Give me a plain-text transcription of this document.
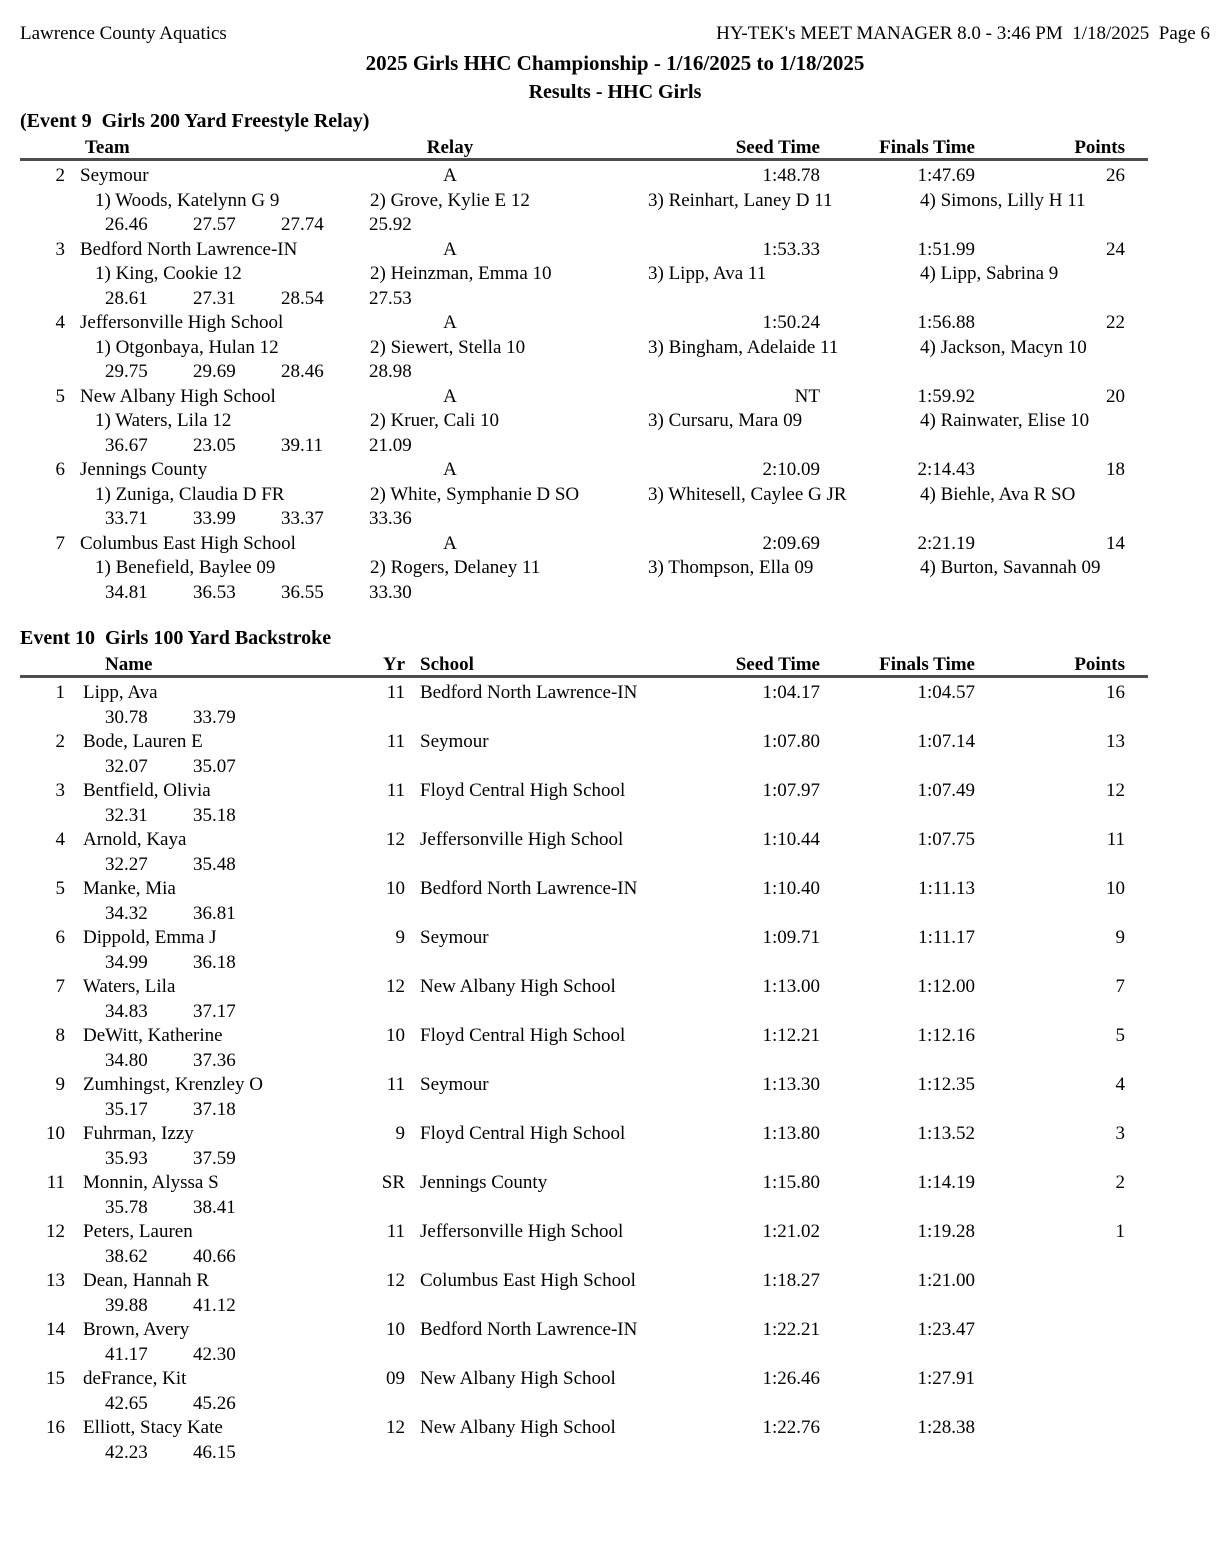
Lawrence County Aquatics	HY-TEK's MEET MANAGER 8.0 - 3:46 PM  1/18/2025  Page 6
2025 Girls HHC Championship - 1/16/2025 to 1/18/2025
Results - HHC Girls
(Event 9  Girls 200 Yard Freestyle Relay)
Team	Relay	Seed Time	Finals Time	Points
2 Seymour	A	1:48.78	1:47.69	26
1) Woods, Katelynn G 9	2) Grove, Kylie E 12	3) Reinhart, Laney D 11	4) Simons, Lilly H 11
26.46	27.57	27.74	25.92
3 Bedford North Lawrence-IN	A	1:53.33	1:51.99	24
1) King, Cookie 12	2) Heinzman, Emma 10	3) Lipp, Ava 11	4) Lipp, Sabrina 9
28.61	27.31	28.54	27.53
4 Jeffersonville High School	A	1:50.24	1:56.88	22
1) Otgonbaya, Hulan 12	2) Siewert, Stella 10	3) Bingham, Adelaide 11	4) Jackson, Macyn 10
29.75	29.69	28.46	28.98
5 New Albany High School	A	NT	1:59.92	20
1) Waters, Lila 12	2) Kruer, Cali 10	3) Cursaru, Mara 09	4) Rainwater, Elise 10
36.67	23.05	39.11	21.09
6 Jennings County	A	2:10.09	2:14.43	18
1) Zuniga, Claudia D FR	2) White, Symphanie D SO	3) Whitesell, Caylee G JR	4) Biehle, Ava R SO
33.71	33.99	33.37	33.36
7 Columbus East High School	A	2:09.69	2:21.19	14
1) Benefield, Baylee 09	2) Rogers, Delaney 11	3) Thompson, Ella 09	4) Burton, Savannah 09
34.81	36.53	36.55	33.30
Event 10  Girls 100 Yard Backstroke
Name	Yr School	Seed Time	Finals Time	Points
1 Lipp, Ava	11 Bedford North Lawrence-IN	1:04.17	1:04.57	16
30.78	33.79
2 Bode, Lauren E	11 Seymour	1:07.80	1:07.14	13
32.07	35.07
3 Bentfield, Olivia	11 Floyd Central High School	1:07.97	1:07.49	12
32.31	35.18
4 Arnold, Kaya	12 Jeffersonville High School	1:10.44	1:07.75	11
32.27	35.48
5 Manke, Mia	10 Bedford North Lawrence-IN	1:10.40	1:11.13	10
34.32	36.81
6 Dippold, Emma J	9 Seymour	1:09.71	1:11.17	9
34.99	36.18
7 Waters, Lila	12 New Albany High School	1:13.00	1:12.00	7
34.83	37.17
8 DeWitt, Katherine	10 Floyd Central High School	1:12.21	1:12.16	5
34.80	37.36
9 Zumhingst, Krenzley O	11 Seymour	1:13.30	1:12.35	4
35.17	37.18
10 Fuhrman, Izzy	9 Floyd Central High School	1:13.80	1:13.52	3
35.93	37.59
11 Monnin, Alyssa S	SR Jennings County	1:15.80	1:14.19	2
35.78	38.41
12 Peters, Lauren	11 Jeffersonville High School	1:21.02	1:19.28	1
38.62	40.66
13 Dean, Hannah R	12 Columbus East High School	1:18.27	1:21.00
39.88	41.12
14 Brown, Avery	10 Bedford North Lawrence-IN	1:22.21	1:23.47
41.17	42.30
15 deFrance, Kit	09 New Albany High School	1:26.46	1:27.91
42.65	45.26
16 Elliott, Stacy Kate	12 New Albany High School	1:22.76	1:28.38
42.23	46.15
